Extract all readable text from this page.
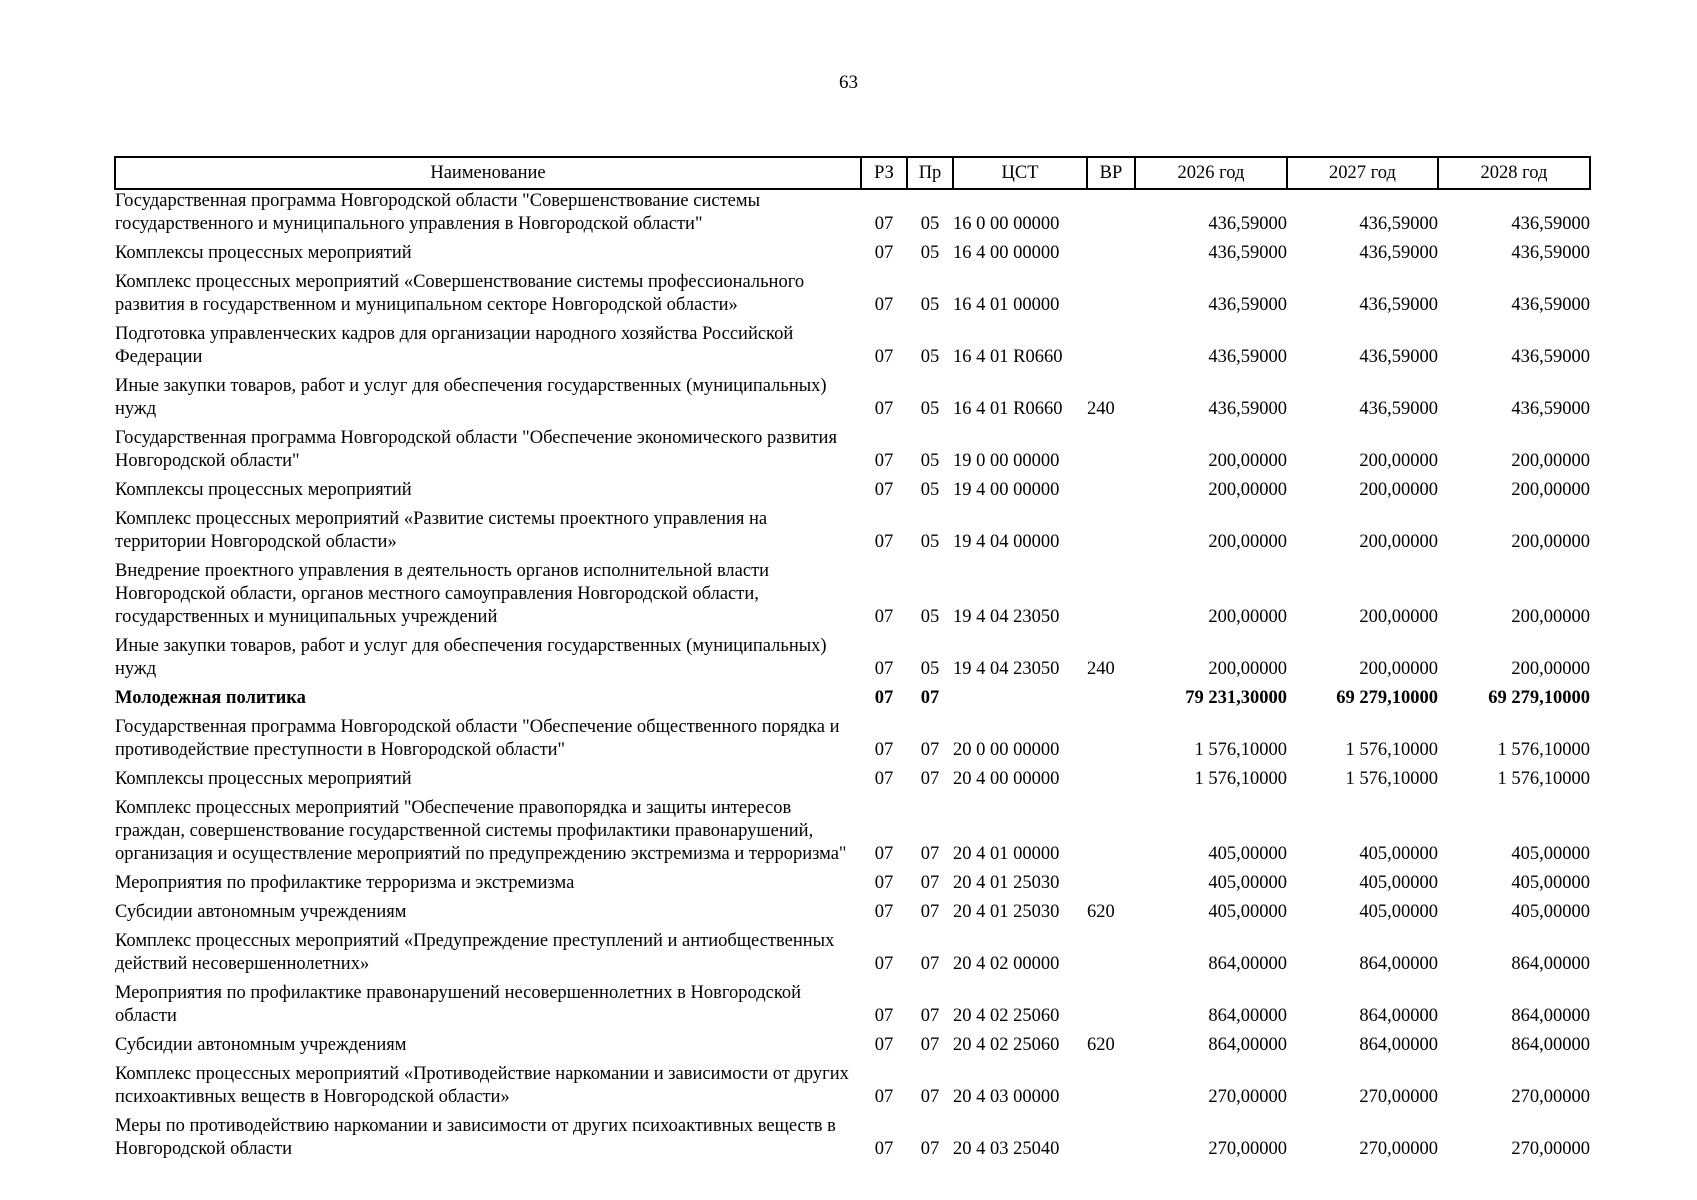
63
Наименование	РЗ	Пр	ЦСТ	ВР	2026 год	2027 год	2028 год
Государственная программа Новгородской области "Совершенствование системы государственного и муниципального управления в Новгородской области"	07	05	16 0 00 00000		436,59000	436,59000	436,59000
Комплексы процессных мероприятий	07	05	16 4 00 00000		436,59000	436,59000	436,59000
Комплекс процессных мероприятий «Совершенствование системы профессионального развития в государственном и муниципальном секторе Новгородской области»	07	05	16 4 01 00000		436,59000	436,59000	436,59000
Подготовка управленческих кадров для организации народного хозяйства Российской Федерации	07	05	16 4 01 R0660		436,59000	436,59000	436,59000
Иные закупки товаров, работ и услуг для обеспечения государственных (муниципальных) нужд	07	05	16 4 01 R0660	240	436,59000	436,59000	436,59000
Государственная программа Новгородской области "Обеспечение экономического развития Новгородской области"	07	05	19 0 00 00000		200,00000	200,00000	200,00000
Комплексы процессных мероприятий	07	05	19 4 00 00000		200,00000	200,00000	200,00000
Комплекс процессных мероприятий «Развитие системы проектного управления на территории Новгородской области»	07	05	19 4 04 00000		200,00000	200,00000	200,00000
Внедрение проектного управления в деятельность органов исполнительной власти Новгородской области, органов местного самоуправления Новгородской области, государственных и муниципальных учреждений	07	05	19 4 04 23050		200,00000	200,00000	200,00000
Иные закупки товаров, работ и услуг для обеспечения государственных (муниципальных) нужд	07	05	19 4 04 23050	240	200,00000	200,00000	200,00000
Молодежная политика	07	07			79 231,30000	69 279,10000	69 279,10000
Государственная программа Новгородской области "Обеспечение общественного порядка и противодействие преступности в Новгородской области"	07	07	20 0 00 00000		1 576,10000	1 576,10000	1 576,10000
Комплексы процессных мероприятий	07	07	20 4 00 00000		1 576,10000	1 576,10000	1 576,10000
Комплекс процессных мероприятий "Обеспечение правопорядка и защиты интересов граждан, совершенствование государственной системы профилактики правонарушений, организация и осуществление мероприятий по предупреждению экстремизма и терроризма"	07	07	20 4 01 00000		405,00000	405,00000	405,00000
Мероприятия по профилактике терроризма и экстремизма	07	07	20 4 01 25030		405,00000	405,00000	405,00000
Субсидии автономным учреждениям	07	07	20 4 01 25030	620	405,00000	405,00000	405,00000
Комплекс процессных мероприятий «Предупреждение преступлений и антиобщественных действий несовершеннолетних»	07	07	20 4 02 00000		864,00000	864,00000	864,00000
Мероприятия по профилактике правонарушений несовершеннолетних в Новгородской области	07	07	20 4 02 25060		864,00000	864,00000	864,00000
Субсидии автономным учреждениям	07	07	20 4 02 25060	620	864,00000	864,00000	864,00000
Комплекс процессных мероприятий «Противодействие наркомании и зависимости от других психоактивных веществ в Новгородской области»	07	07	20 4 03 00000		270,00000	270,00000	270,00000
Меры по противодействию наркомании и зависимости от других психоактивных веществ в Новгородской области	07	07	20 4 03 25040		270,00000	270,00000	270,00000
